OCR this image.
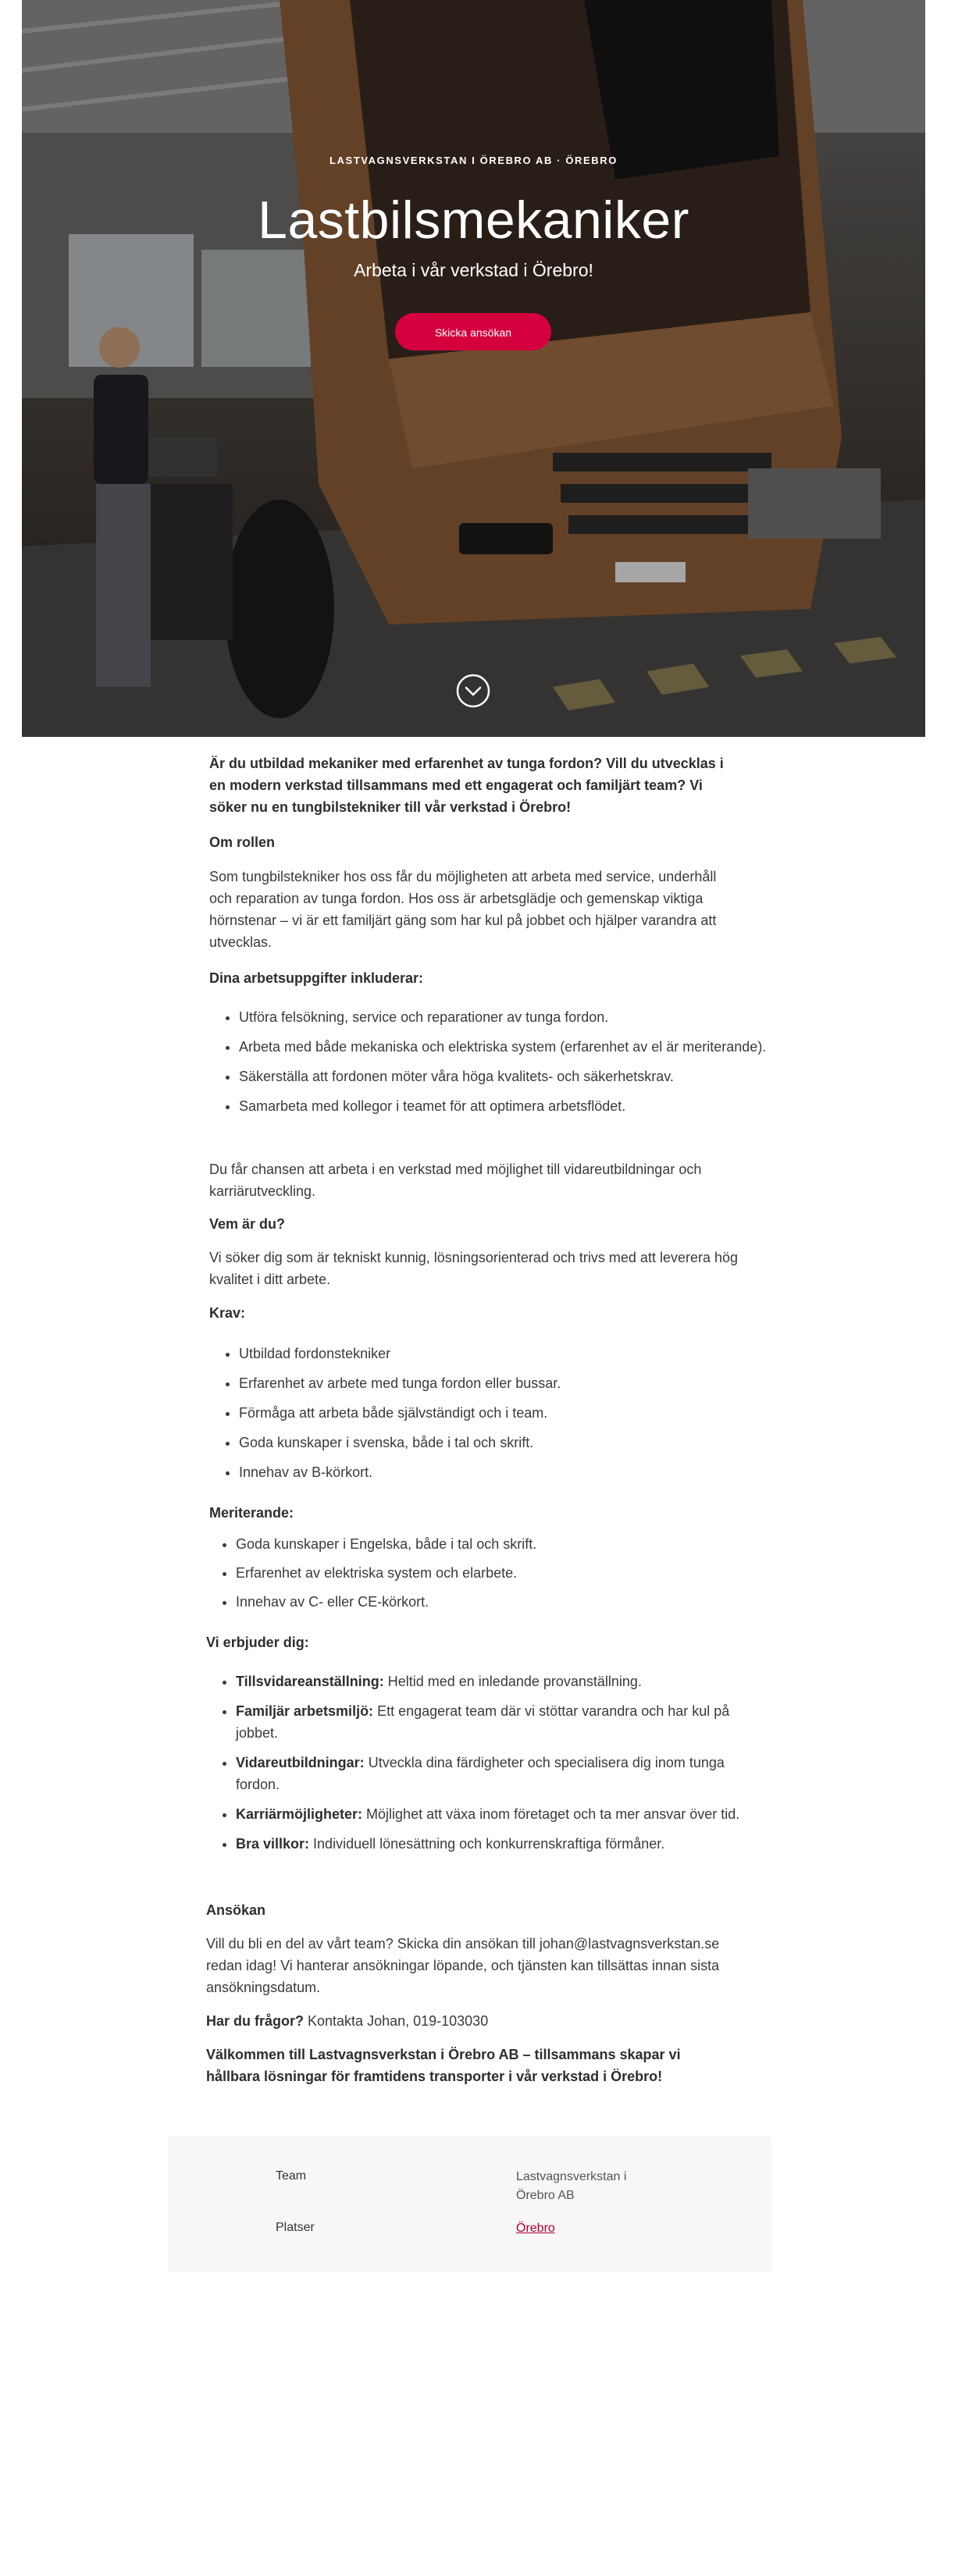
LASTVAGNSVERKSTAN I ÖREBRO AB · ÖREBRO
Lastbilsmekaniker
Arbeta i vår verkstad i Örebro!
Skicka ansökan

Är du utbildad mekaniker med erfarenhet av tunga fordon? Vill du utvecklas i en modern verkstad tillsammans med ett engagerat och familjärt team? Vi söker nu en tungbilstekniker till vår verkstad i Örebro!

Om rollen

Som tungbilstekniker hos oss får du möjligheten att arbeta med service, underhåll och reparation av tunga fordon. Hos oss är arbetsglädje och gemenskap viktiga hörnstenar – vi är ett familjärt gäng som har kul på jobbet och hjälper varandra att utvecklas.

Dina arbetsuppgifter inkluderar:

• Utföra felsökning, service och reparationer av tunga fordon.
• Arbeta med både mekaniska och elektriska system (erfarenhet av el är meriterande).
• Säkerställa att fordonen möter våra höga kvalitets- och säkerhetskrav.
• Samarbeta med kollegor i teamet för att optimera arbetsflödet.

Du får chansen att arbeta i en verkstad med möjlighet till vidareutbildningar och karriärutveckling.

Vem är du?

Vi söker dig som är tekniskt kunnig, lösningsorienterad och trivs med att leverera hög kvalitet i ditt arbete.

Krav:

• Utbildad fordonstekniker
• Erfarenhet av arbete med tunga fordon eller bussar.
• Förmåga att arbeta både självständigt och i team.
• Goda kunskaper i svenska, både i tal och skrift.
• Innehav av B-körkort.

Meriterande:

• Goda kunskaper i Engelska, både i tal och skrift.
• Erfarenhet av elektriska system och elarbete.
• Innehav av C- eller CE-körkort.

Vi erbjuder dig:

• Tillsvidareanställning: Heltid med en inledande provanställning.
• Familjär arbetsmiljö: Ett engagerat team där vi stöttar varandra och har kul på jobbet.
• Vidareutbildningar: Utveckla dina färdigheter och specialisera dig inom tunga fordon.
• Karriärmöjligheter: Möjlighet att växa inom företaget och ta mer ansvar över tid.
• Bra villkor: Individuell lönesättning och konkurrenskraftiga förmåner.

Ansökan

Vill du bli en del av vårt team? Skicka din ansökan till johan@lastvagnsverkstan.se redan idag! Vi hanterar ansökningar löpande, och tjänsten kan tillsättas innan sista ansökningsdatum.

Har du frågor? Kontakta Johan, 019-103030

Välkommen till Lastvagnsverkstan i Örebro AB – tillsammans skapar vi hållbara lösningar för framtidens transporter i vår verkstad i Örebro!

Team	Lastvagnsverkstan i Örebro AB
Platser	Örebro
